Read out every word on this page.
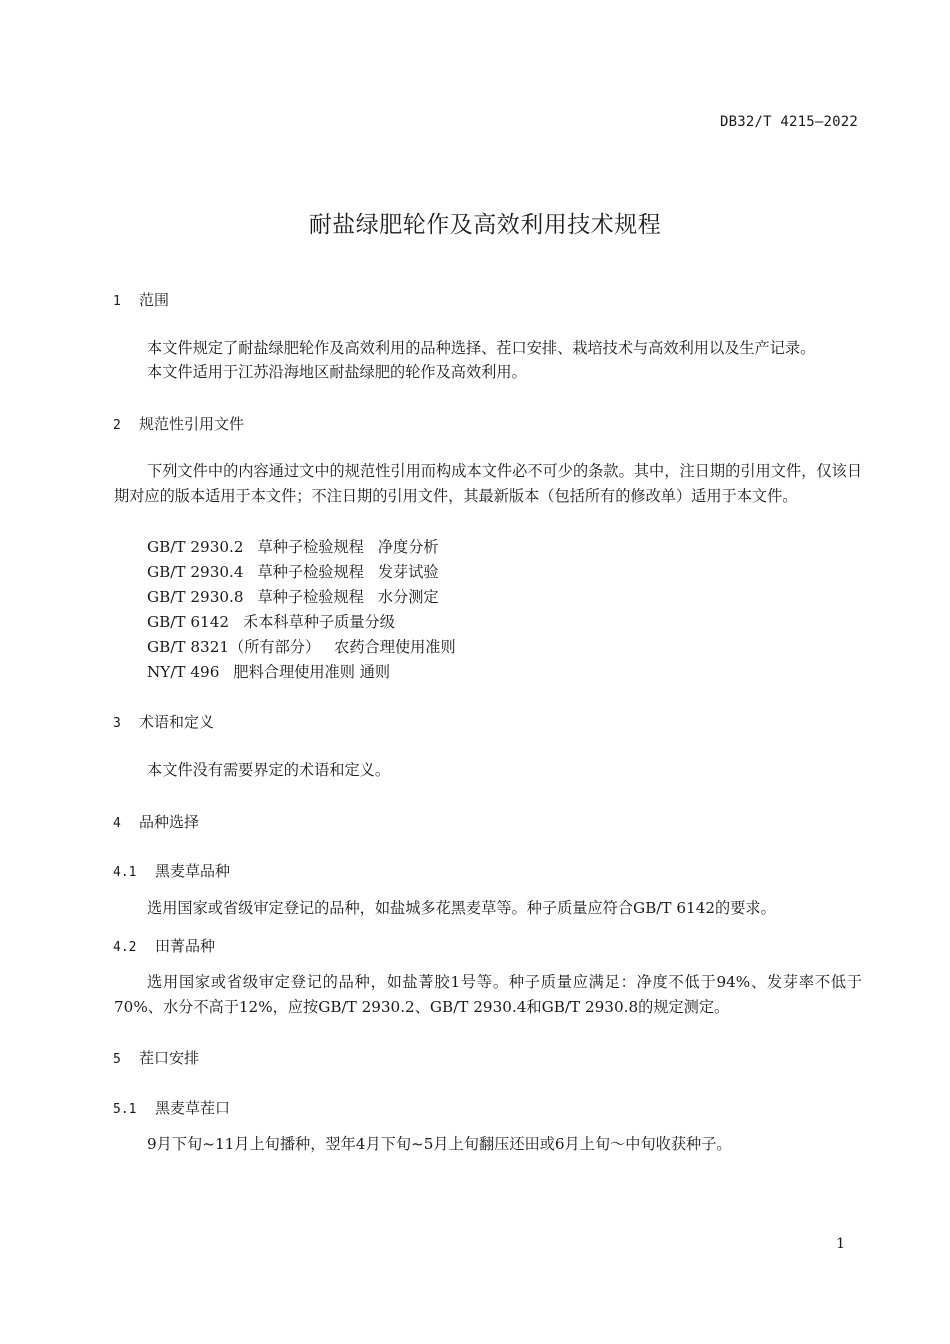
DB32/T 4215—2022
耐盐绿肥轮作及高效利用技术规程
1 范围
本文件规定了耐盐绿肥轮作及高效利用的品种选择、茬口安排、栽培技术与高效利用以及生产记录。
本文件适用于江苏沿海地区耐盐绿肥的轮作及高效利用。
2 规范性引用文件
下列文件中的内容通过文中的规范性引用而构成本文件必不可少的条款。其中，注日期的引用文件，仅该日期对应的版本适用于本文件；不注日期的引用文件，其最新版本（包括所有的修改单）适用于本文件。
GB/T 2930.2 草种子检验规程 净度分析
GB/T 2930.4 草种子检验规程 发芽试验
GB/T 2930.8 草种子检验规程 水分测定
GB/T 6142 禾本科草种子质量分级
GB/T 8321（所有部分） 农药合理使用准则
NY/T 496 肥料合理使用准则 通则
3 术语和定义
本文件没有需要界定的术语和定义。
4 品种选择
4.1 黑麦草品种
选用国家或省级审定登记的品种，如盐城多花黑麦草等。种子质量应符合GB/T 6142的要求。
4.2 田菁品种
选用国家或省级审定登记的品种，如盐菁胶1号等。种子质量应满足：净度不低于94%、发芽率不低于70%、水分不高于12%，应按GB/T 2930.2、GB/T 2930.4和GB/T 2930.8的规定测定。
5 茬口安排
5.1 黑麦草茬口
9月下旬~11月上旬播种，翌年4月下旬~5月上旬翻压还田或6月上旬～中旬收获种子。
1
